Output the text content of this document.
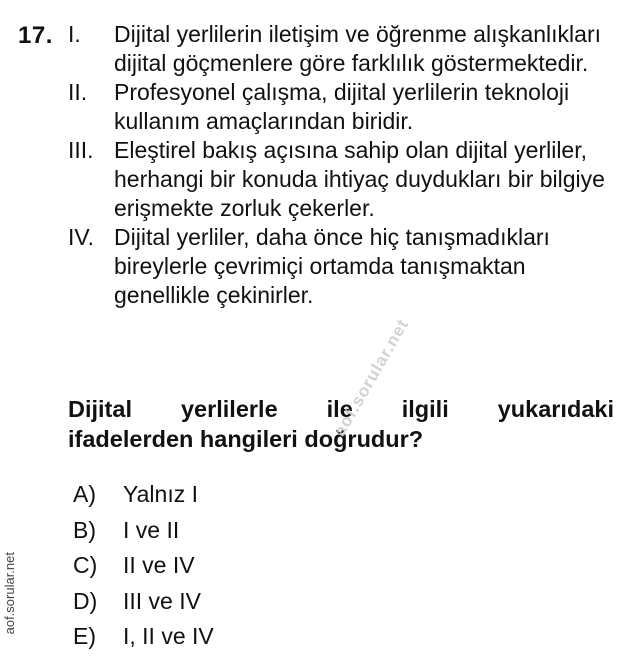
17. I.	Dijital yerlilerin iletişim ve öğrenme alışkanlıkları dijital göçmenlere göre farklılık göstermektedir.
II.	Profesyonel çalışma, dijital yerlilerin teknoloji kullanım amaçlarından biridir.
III. Eleştirel bakış açısına sahip olan dijital yerliler, herhangi bir konuda ihtiyaç duydukları bir bilgiye erişmekte zorluk çekerler.
IV. Dijital yerliler, daha önce hiç tanışmadıkları bireylerle çevrimiçi ortamda tanışmaktan genellikle çekinirler.
Dijital yerlilerle ile ilgili yukarıdaki
ifadelerden hangileri doğrudur?
A)	Yalnız I
B)	I ve II
C)	II ve IV
D)	III ve IV
E)	I, II ve IV
aof.sorular.net
aof.sorular.net
